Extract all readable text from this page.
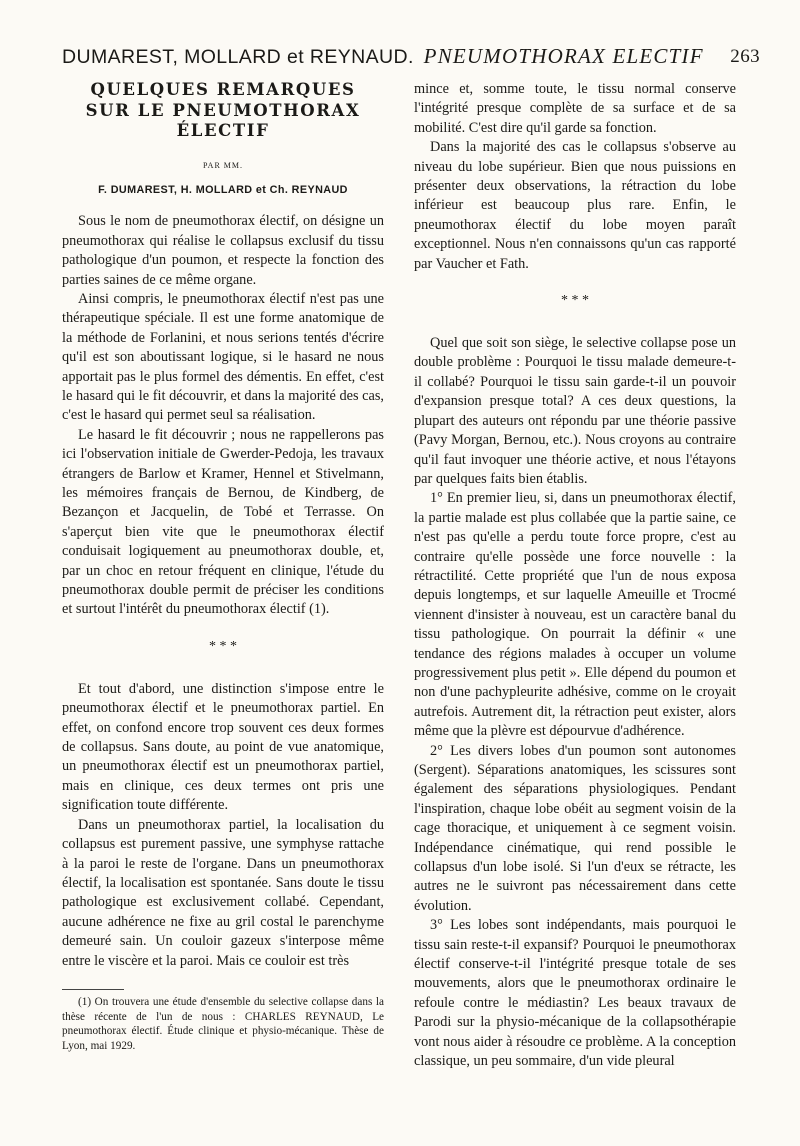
DUMAREST, MOLLARD et REYNAUD. PNEUMOTHORAX ELECTIF 263
QUELQUES REMARQUES
SUR LE PNEUMOTHORAX
ÉLECTIF
PAR MM.
F. DUMAREST, H. MOLLARD et Ch. REYNAUD

Sous le nom de pneumothorax électif, on désigne un pneumothorax qui réalise le collapsus exclusif du tissu pathologique d'un poumon, et respecte la fonction des parties saines de ce même organe.

Ainsi compris, le pneumothorax électif n'est pas une thérapeutique spéciale. Il est une forme anatomique de la méthode de Forlanini, et nous serions tentés d'écrire qu'il est son aboutissant logique, si le hasard ne nous apportait pas le plus formel des démentis. En effet, c'est le hasard qui le fit découvrir, et dans la majorité des cas, c'est le hasard qui permet seul sa réalisation.

Le hasard le fit découvrir ; nous ne rappellerons pas ici l'observation initiale de Gwerder-Pedoja, les travaux étrangers de Barlow et Kramer, Hennel et Stivelmann, les mémoires français de Bernou, de Kindberg, de Bezançon et Jacquelin, de Tobé et Terrasse. On s'aperçut bien vite que le pneumothorax électif conduisait logiquement au pneumothorax double, et, par un choc en retour fréquent en clinique, l'étude du pneumothorax double permit de préciser les conditions et surtout l'intérêt du pneumothorax électif (1).

* * *

Et tout d'abord, une distinction s'impose entre le pneumothorax électif et le pneumothorax partiel. En effet, on confond encore trop souvent ces deux formes de collapsus. Sans doute, au point de vue anatomique, un pneumothorax électif est un pneumothorax partiel, mais en clinique, ces deux termes ont pris une signification toute différente.

Dans un pneumothorax partiel, la localisation du collapsus est purement passive, une symphyse rattache à la paroi le reste de l'organe. Dans un pneumothorax électif, la localisation est spontanée. Sans doute le tissu pathologique est exclusivement collabé. Cependant, aucune adhérence ne fixe au gril costal le parenchyme demeuré sain. Un couloir gazeux s'interpose même entre le viscère et la paroi. Mais ce couloir est très

(1) On trouvera une étude d'ensemble du selective collapse dans la thèse récente de l'un de nous : CHARLES REYNAUD, Le pneumothorax électif. Étude clinique et physio-mécanique. Thèse de Lyon, mai 1929.

mince et, somme toute, le tissu normal conserve l'intégrité presque complète de sa surface et de sa mobilité. C'est dire qu'il garde sa fonction.

Dans la majorité des cas le collapsus s'observe au niveau du lobe supérieur. Bien que nous puissions en présenter deux observations, la rétraction du lobe inférieur est beaucoup plus rare. Enfin, le pneumothorax électif du lobe moyen paraît exceptionnel. Nous n'en connaissons qu'un cas rapporté par Vaucher et Fath.

* * *

Quel que soit son siège, le selective collapse pose un double problème : Pourquoi le tissu malade demeure-t-il collabé? Pourquoi le tissu sain garde-t-il un pouvoir d'expansion presque total? A ces deux questions, la plupart des auteurs ont répondu par une théorie passive (Pavy Morgan, Bernou, etc.). Nous croyons au contraire qu'il faut invoquer une théorie active, et nous l'étayons par quelques faits bien établis.

1° En premier lieu, si, dans un pneumothorax électif, la partie malade est plus collabée que la partie saine, ce n'est pas qu'elle a perdu toute force propre, c'est au contraire qu'elle possède une force nouvelle : la rétractilité. Cette propriété que l'un de nous exposa depuis longtemps, et sur laquelle Ameuille et Trocmé viennent d'insister à nouveau, est un caractère banal du tissu pathologique. On pourrait la définir « une tendance des régions malades à occuper un volume progressivement plus petit ». Elle dépend du poumon et non d'une pachypleurite adhésive, comme on le croyait autrefois. Autrement dit, la rétraction peut exister, alors même que la plèvre est dépourvue d'adhérence.

2° Les divers lobes d'un poumon sont autonomes (Sergent). Séparations anatomiques, les scissures sont également des séparations physiologiques. Pendant l'inspiration, chaque lobe obéit au segment voisin de la cage thoracique, et uniquement à ce segment voisin. Indépendance cinématique, qui rend possible le collapsus d'un lobe isolé. Si l'un d'eux se rétracte, les autres ne le suivront pas nécessairement dans cette évolution.

3° Les lobes sont indépendants, mais pourquoi le tissu sain reste-t-il expansif? Pourquoi le pneumothorax électif conserve-t-il l'intégrité presque totale de ses mouvements, alors que le pneumothorax ordinaire le refoule contre le médiastin? Les beaux travaux de Parodi sur la physio-mécanique de la collapsothérapie vont nous aider à résoudre ce problème. A la conception classique, un peu sommaire, d'un vide pleural
